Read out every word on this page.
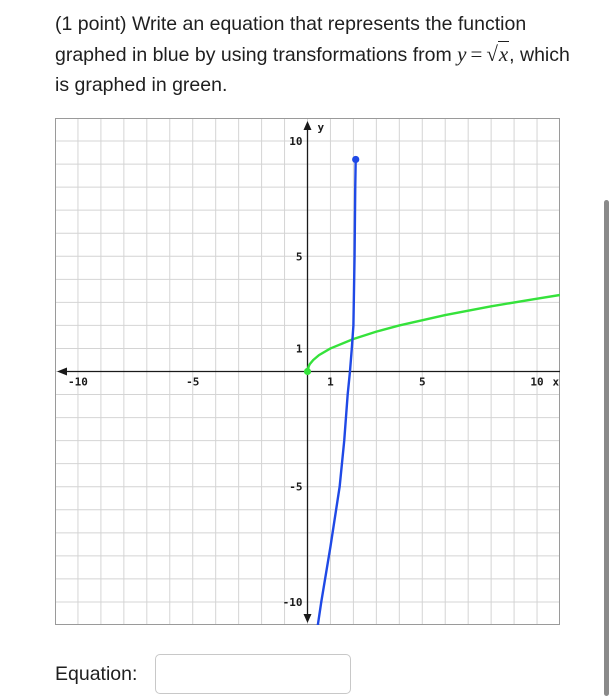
(1 point) Write an equation that represents the function graphed in blue by using transformations from y = √x, which is graphed in green.
-10	-5	1	5	10
10
5
1
-5
-10
x
y
Equation:
